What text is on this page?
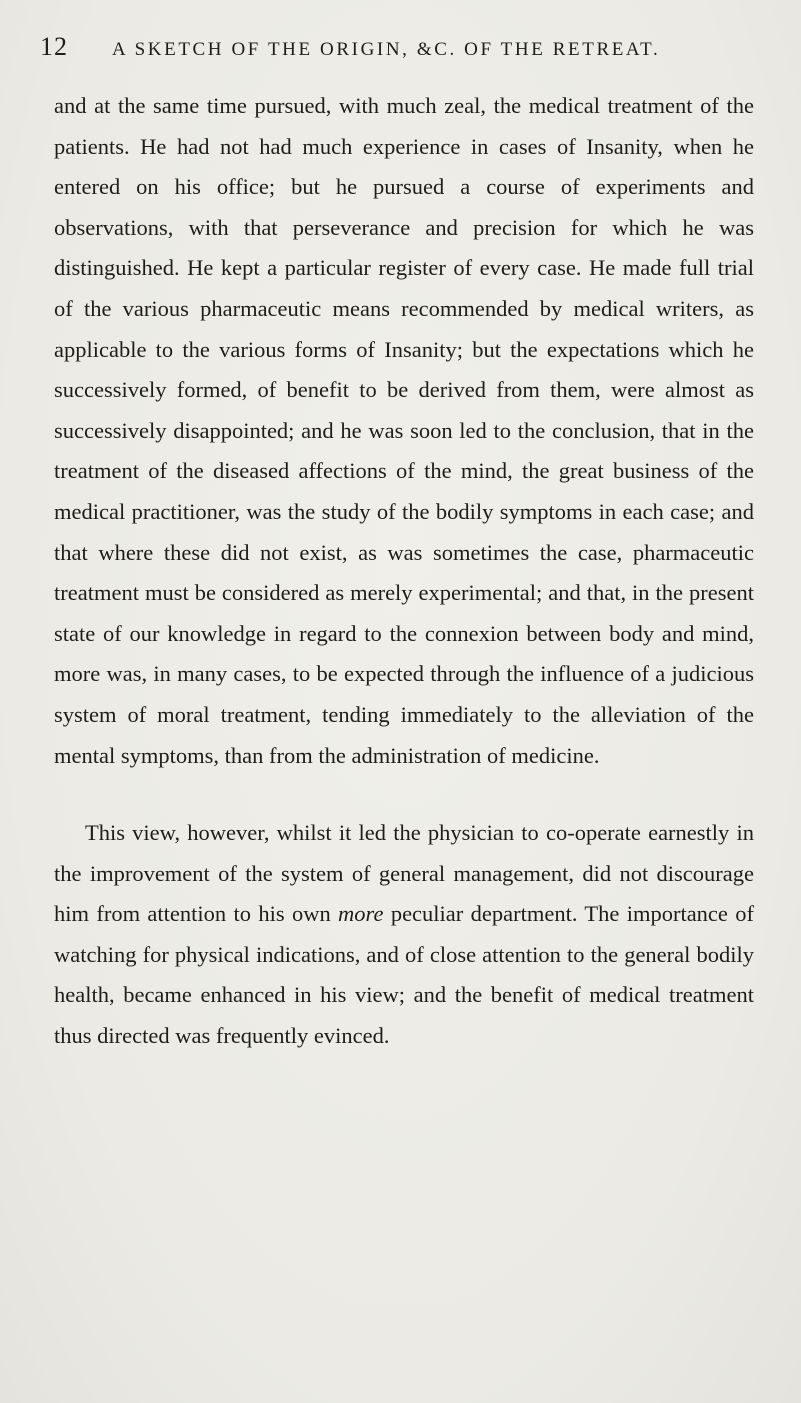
12 A SKETCH OF THE ORIGIN, &C. OF THE RETREAT.

and at the same time pursued, with much zeal, the medical treatment of the patients. He had not had much experience in cases of Insanity, when he entered on his office; but he pursued a course of experiments and observations, with that perseverance and precision for which he was distinguished. He kept a particular register of every case. He made full trial of the various pharmaceutic means recommended by medical writers, as applicable to the various forms of Insanity; but the expectations which he successively formed, of benefit to be derived from them, were almost as successively disappointed; and he was soon led to the conclusion, that in the treatment of the diseased affections of the mind, the great business of the medical practitioner, was the study of the bodily symptoms in each case; and that where these did not exist, as was sometimes the case, pharmaceutic treatment must be considered as merely experimental; and that, in the present state of our knowledge in regard to the connexion between body and mind, more was, in many cases, to be expected through the influence of a judicious system of moral treatment, tending immediately to the alleviation of the mental symptoms, than from the administration of medicine.

This view, however, whilst it led the physician to co-operate earnestly in the improvement of the system of general management, did not discourage him from attention to his own more peculiar department. The importance of watching for physical indications, and of close attention to the general bodily health, became enhanced in his view; and the benefit of medical treatment thus directed was frequently evinced.
